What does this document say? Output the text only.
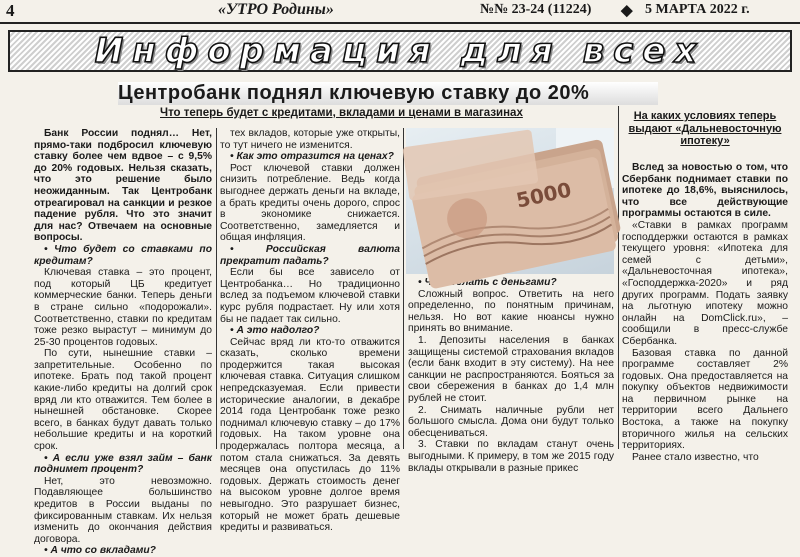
4	«УТРО Родины»	№№ 23-24 (11224) ◆ 5 МАРТА 2022 г.
Информация для всех
Центробанк поднял ключевую ставку до 20%
Что теперь будет с кредитами, вкладами и ценами в магазинах

Банк России поднял… Нет, прямо-таки подбросил ключевую ставку более чем вдвое – с 9,5% до 20% годовых. Нельзя сказать, что это решение было неожиданным. Так Центробанк отреагировал на санкции и резкое падение рубля. Что это значит для нас? Отвечаем на основные вопросы.

• Что будет со ставками по кредитам?

Ключевая ставка – это процент, под который ЦБ кредитует коммерческие банки. Теперь деньги в стране сильно «подорожали». Соответственно, ставки по кредитам тоже резко вырастут – минимум до 25-30 процентов годовых.

По сути, нынешние ставки – запретительные. Особенно по ипотеке. Брать под такой процент какие-либо кредиты на долгий срок вряд ли кто отважится. Тем более в нынешней обстановке. Скорее всего, в банках будут давать только небольшие кредиты и на короткий срок.

• А если уже взял займ – банк поднимет процент?

Нет, это невозможно. Подавляющее большинство кредитов в России выданы по фиксированным ставкам. Их нельзя изменить до окончания действия договора.

• А что со вкладами?

тех вкладов, которые уже открыты, то тут ничего не изменится.

• Как это отразится на ценах?

Рост ключевой ставки должен снизить потребление. Ведь когда выгоднее держать деньги на вкладе, а брать кредиты очень дорого, спрос в экономике снижается. Соответственно, замедляется и общая инфляция.

• Российская валюта прекратит падать?

Если бы все зависело от Центробанка… Но традиционно вслед за подъемом ключевой ставки курс рубля подрастает. Ну или хотя бы не падает так сильно.

• А это надолго?

Сейчас вряд ли кто-то отважится сказать, сколько времени продержится такая высокая ключевая ставка. Ситуация слишком непредсказуемая. Если привести исторические аналогии, в декабре 2014 года Центробанк тоже резко поднимал ключевую ставку – до 17% годовых. На таком уровне она продержалась полтора месяца, а потом стала снижаться. За девять месяцев она опустилась до 11% годовых. Держать стоимость денег на высоком уровне долгое время невыгодно. Это разрушает бизнес, который не может брать дешевые кредиты и развиваться.

• Что делать с деньгами?

Сложный вопрос. Ответить на него определенно, по понятным причинам, нельзя. Но вот какие нюансы нужно принять во внимание.

1. Депозиты населения в банках защищены системой страхования вкладов (если банк входит в эту систему). На нее санкции не распространяются. Бояться за свои сбережения в банках до 1,4 млн рублей не стоит.

2. Снимать наличные рубли нет большого смысла. Дома они будут только обесцениваться.

3. Ставки по вкладам станут очень выгодными. К примеру, в том же 2015 году вклады открывали в разные прикес

5000
На каких условиях теперь выдают «Дальневосточную ипотеку»

Вслед за новостью о том, что Сбербанк поднимает ставки по ипотеке до 18,6%, выяснилось, что все действующие программы остаются в силе.

«Ставки в рамках программ господдержки остаются в рамках текущего уровня: «Ипотека для семей с детьми», «Дальневосточная ипотека», «Господдержка-2020» и ряд других программ. Подать заявку на льготную ипотеку можно онлайн на DomClick.ru», – сообщили в пресс-службе Сбербанка.

Базовая ставка по данной программе составляет 2% годовых. Она предоставляется на покупку объектов недвижимости на первичном рынке на территории всего Дальнего Востока, а также на покупку вторичного жилья на сельских территориях.

Ранее стало известно, что
